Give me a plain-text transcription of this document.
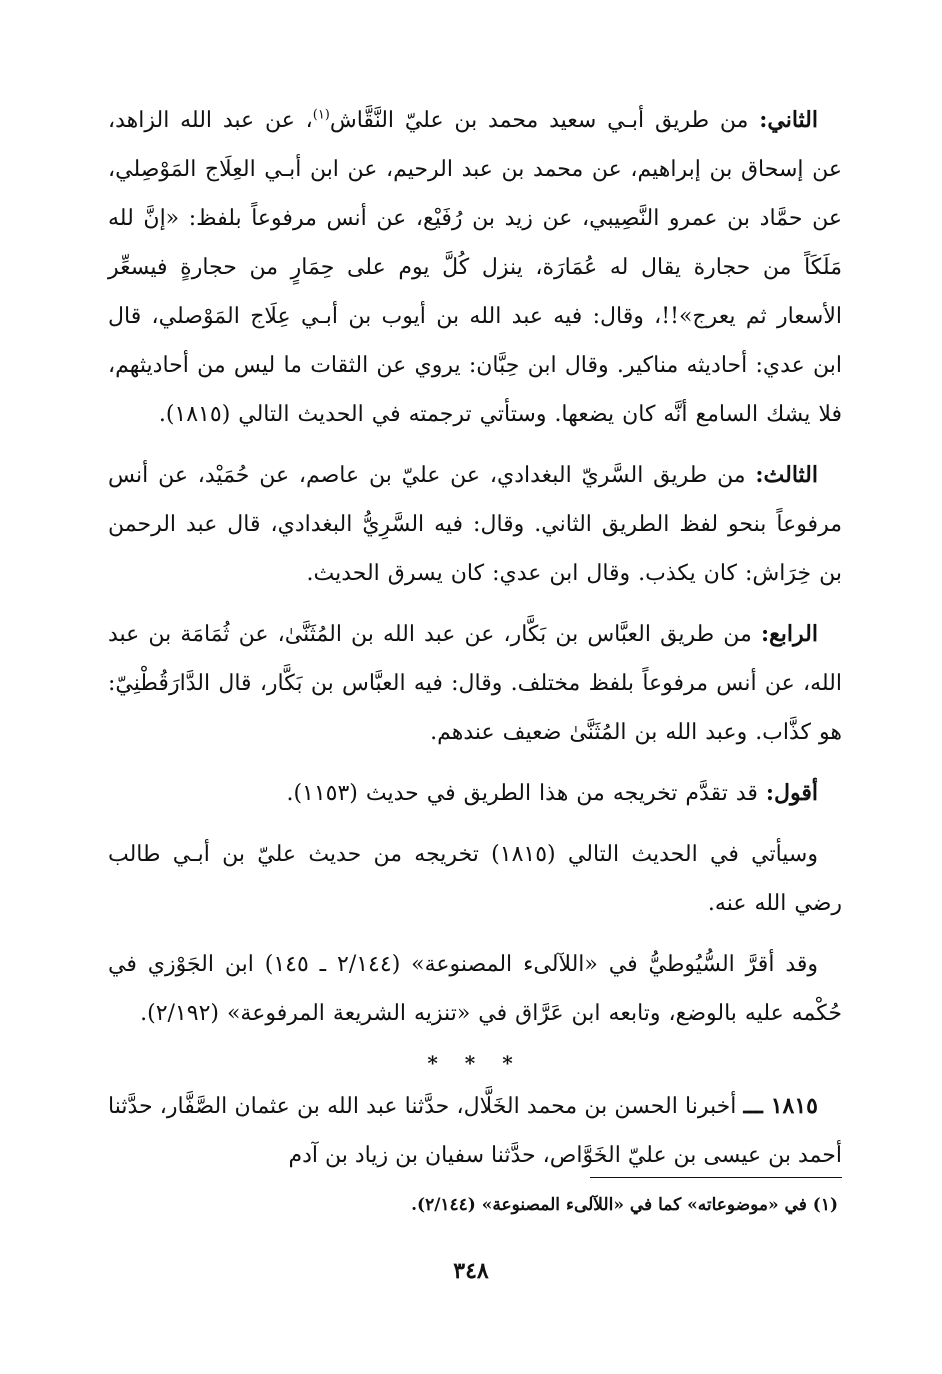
الثاني: من طريق أبـي سعيد محمد بن عليّ النَّقَّاش$^{(١)}$، عن عبد الله الزاهد، عن إسحاق بن إبراهيم، عن محمد بن عبد الرحيم، عن ابن أبـي العِلَاج المَوْصِلي، عن حمَّاد بن عمرو النَّصِيبي، عن زيد بن رُفَيْع، عن أنس مرفوعاً بلفظ: «إنَّ لله مَلَكَاً من حجارة يقال له عُمَارَة، ينزل كُلَّ يوم على حِمَارٍ من حجارةٍ فيسعِّر الأسعار ثم يعرج»!!، وقال: فيه عبد الله بن أيوب بن أبـي عِلَاج المَوْصلي، قال ابن عدي: أحاديثه مناكير. وقال ابن حِبَّان: يروي عن الثقات ما ليس من أحاديثهم، فلا يشك السامع أنَّه كان يضعها. وستأتي ترجمته في الحديث التالي (١٨١٥).

الثالث: من طريق السَّريّ البغدادي، عن عليّ بن عاصم، عن حُمَيْد، عن أنس مرفوعاً بنحو لفظ الطريق الثاني. وقال: فيه السَّرِيُّ البغدادي، قال عبد الرحمن بن خِرَاش: كان يكذب. وقال ابن عدي: كان يسرق الحديث.

الرابع: من طريق العبَّاس بن بَكَّار، عن عبد الله بن المُثَنَّىٰ، عن ثُمَامَة بن عبد الله، عن أنس مرفوعاً بلفظ مختلف. وقال: فيه العبَّاس بن بَكَّار، قال الدَّارَقُطْنِيّ: هو كذَّاب. وعبد الله بن المُثَنَّىٰ ضعيف عندهم.

أقول: قد تقدَّم تخريجه من هذا الطريق في حديث (١١٥٣).

وسيأتي في الحديث التالي (١٨١٥) تخريجه من حديث عليّ بن أبـي طالب رضي الله عنه.

وقد أقرَّ السُّيُوطيُّ في «اللآلىء المصنوعة» (٢/١٤٤ ـ ١٤٥) ابن الجَوْزي في حُكْمه عليه بالوضع، وتابعه ابن عَرَّاق في «تنزيه الشريعة المرفوعة» (٢/١٩٢).

* * *

١٨١٥ ـــ أخبرنا الحسن بن محمد الخَلَّال، حدَّثنا عبد الله بن عثمان الصَّفَّار، حدَّثنا أحمد بن عيسى بن عليّ الخَوَّاص، حدَّثنا سفيان بن زياد بن آدم

(١) في «موضوعاته» كما في «اللآلىء المصنوعة» (٢/١٤٤).
٣٤٨
